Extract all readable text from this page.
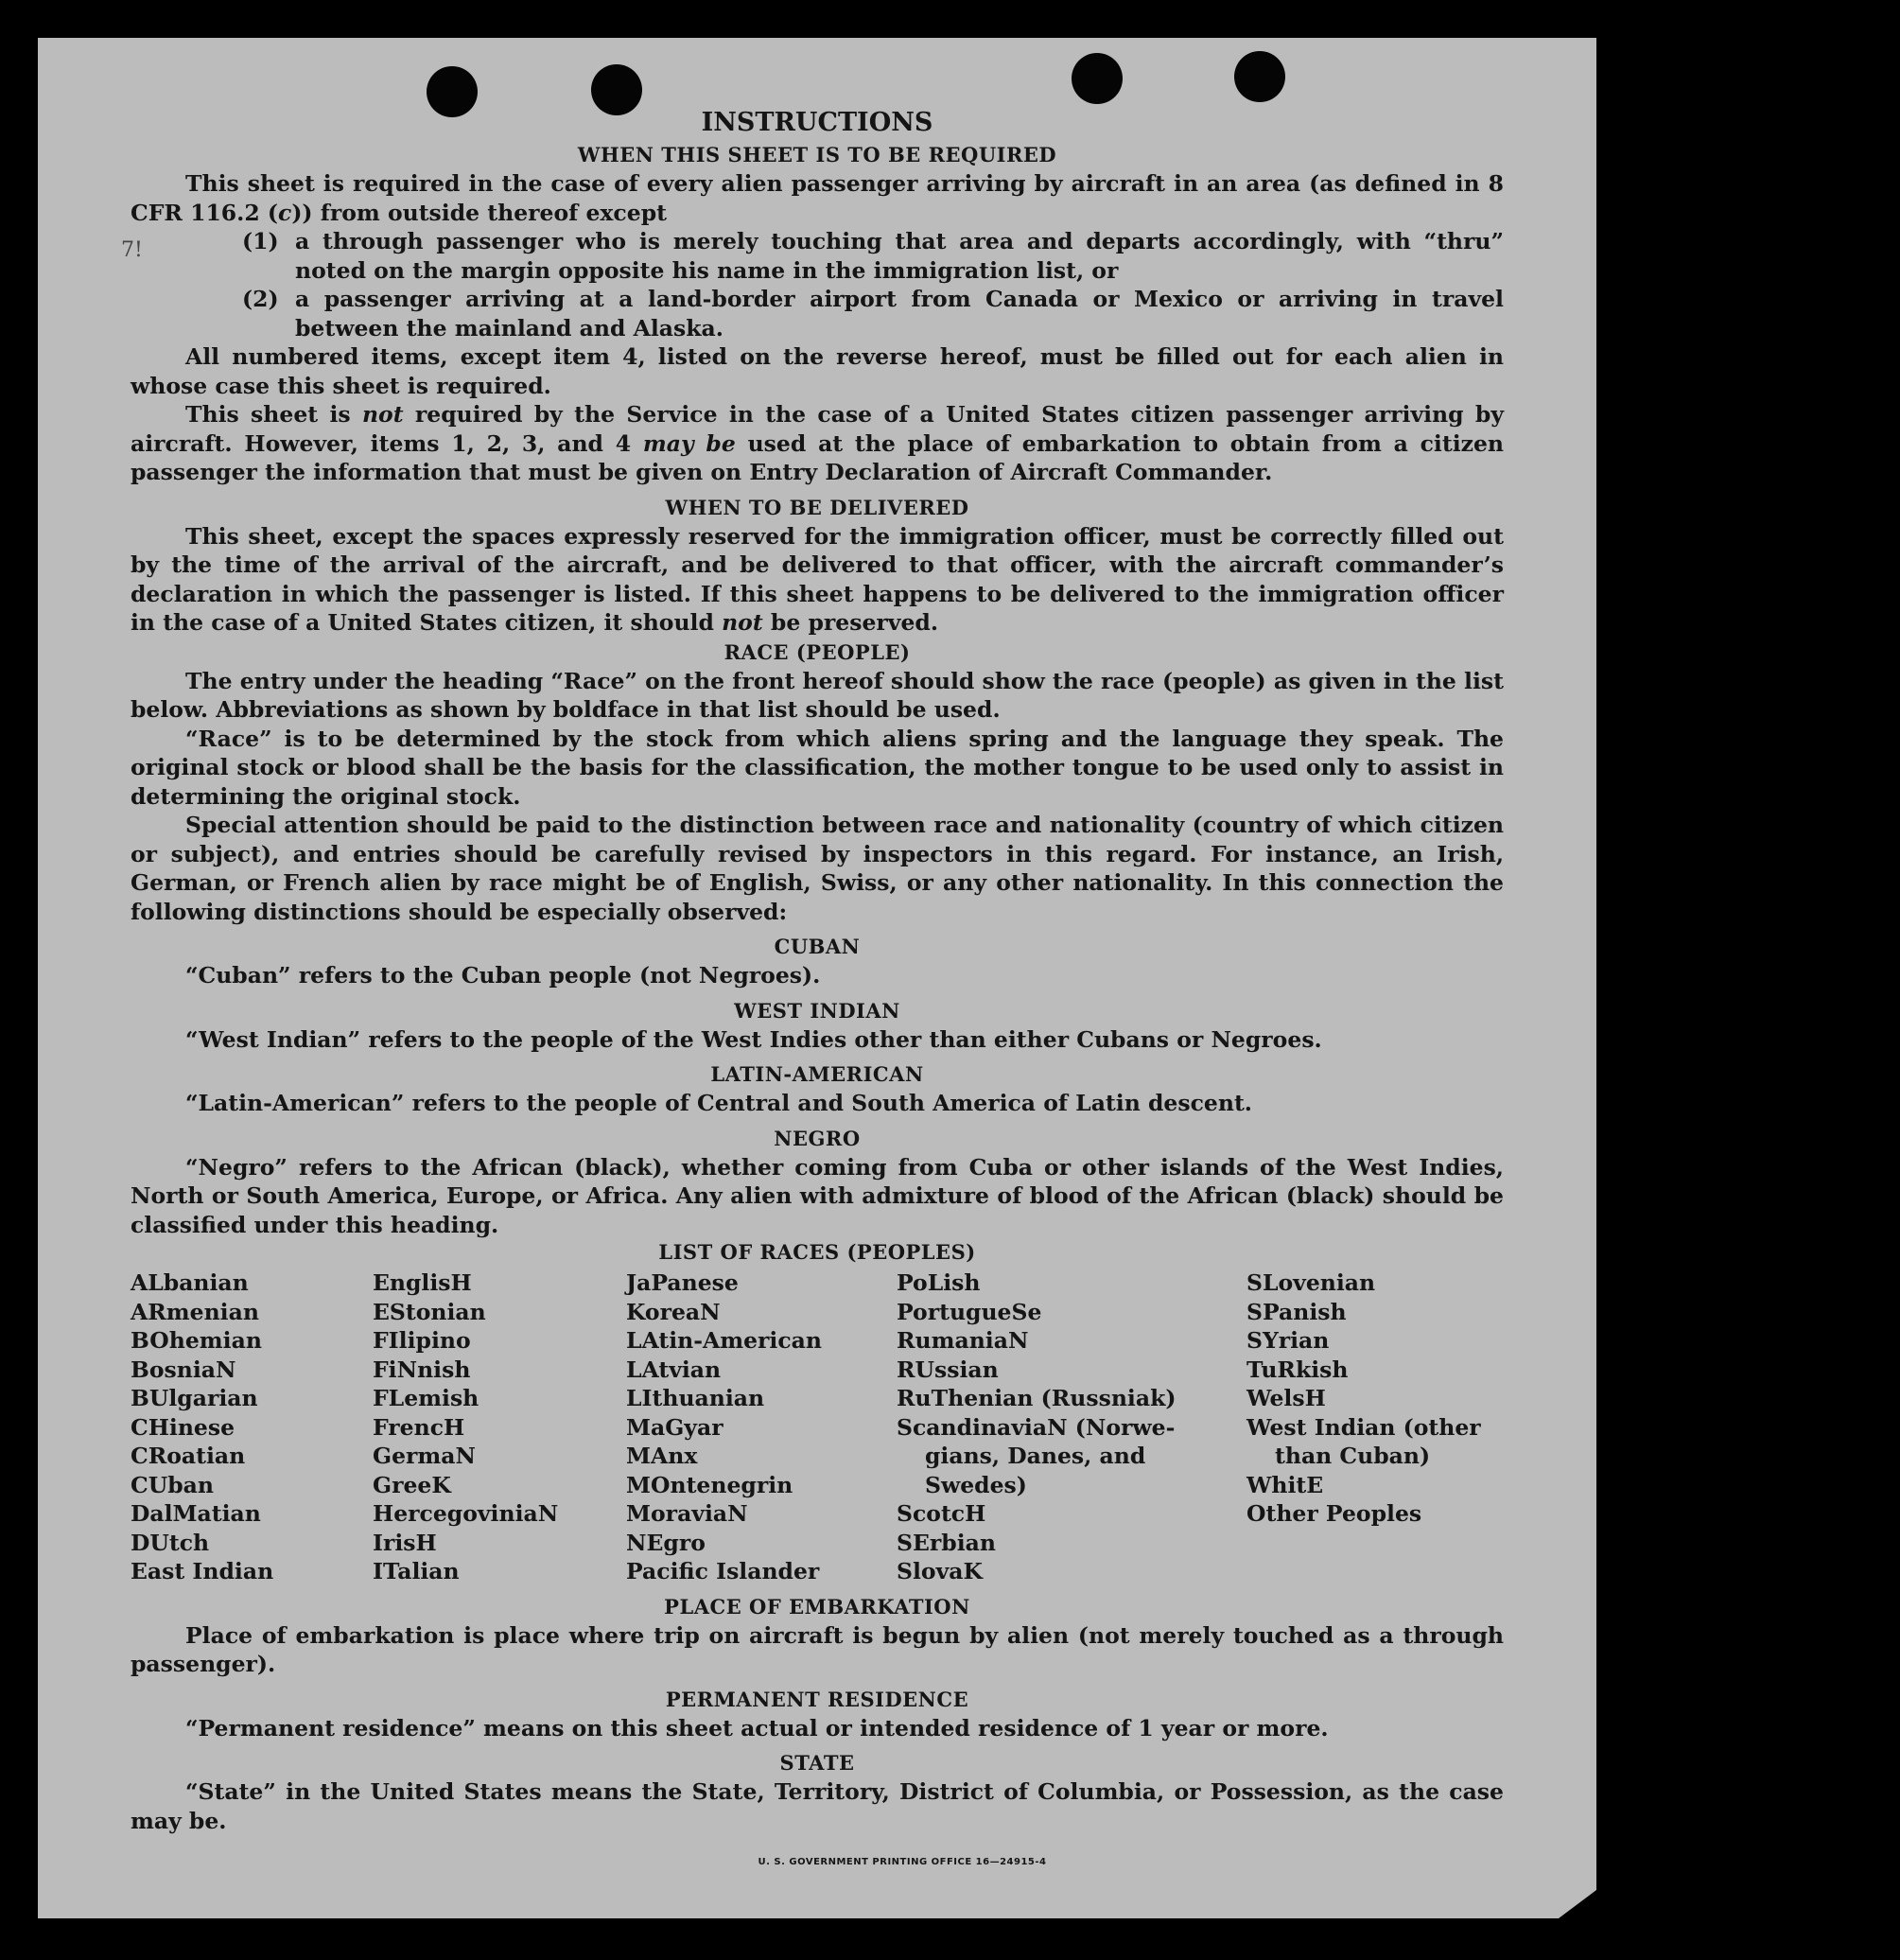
7!
INSTRUCTIONS
WHEN THIS SHEET IS TO BE REQUIRED

This sheet is required in the case of every alien passenger arriving by aircraft in an area (as defined in 8 CFR 116.2 (c)) from outside thereof except

(1) a through passenger who is merely touching that area and departs accordingly, with “thru” noted on the margin opposite his name in the immigration list, or
(2) a passenger arriving at a land-border airport from Canada or Mexico or arriving in travel between the mainland and Alaska.

All numbered items, except item 4, listed on the reverse hereof, must be filled out for each alien in whose case this sheet is required.

This sheet is not required by the Service in the case of a United States citizen passenger arriving by aircraft. However, items 1, 2, 3, and 4 may be used at the place of embarkation to obtain from a citizen passenger the information that must be given on Entry Declaration of Aircraft Commander.

WHEN TO BE DELIVERED

This sheet, except the spaces expressly reserved for the immigration officer, must be correctly filled out by the time of the arrival of the aircraft, and be delivered to that officer, with the aircraft commander’s declaration in which the passenger is listed. If this sheet happens to be delivered to the immigration officer in the case of a United States citizen, it should not be preserved.

RACE (PEOPLE)

The entry under the heading “Race” on the front hereof should show the race (people) as given in the list below. Abbreviations as shown by boldface in that list should be used.

“Race” is to be determined by the stock from which aliens spring and the language they speak. The original stock or blood shall be the basis for the classification, the mother tongue to be used only to assist in determining the original stock.

Special attention should be paid to the distinction between race and nationality (country of which citizen or subject), and entries should be carefully revised by inspectors in this regard. For instance, an Irish, German, or French alien by race might be of English, Swiss, or any other nationality. In this connection the following distinctions should be especially observed:

CUBAN

“Cuban” refers to the Cuban people (not Negroes).

WEST INDIAN

“West Indian” refers to the people of the West Indies other than either Cubans or Negroes.

LATIN-AMERICAN

“Latin-American” refers to the people of Central and South America of Latin descent.

NEGRO

“Negro” refers to the African (black), whether coming from Cuba or other islands of the West Indies, North or South America, Europe, or Africa. Any alien with admixture of blood of the African (black) should be classified under this heading.

LIST OF RACES (PEOPLES)
ALbanian
ARmenian
BOhemian
BosniaN
BUlgarian
CHinese
CRoatian
CUban
DalMatian
DUtch
East Indian
EnglisH
EStonian
FIlipino
FiNnish
FLemish
FrencH
GermaN
GreeK
HercegoviniaN
IrisH
ITalian
JaPanese
KoreaN
LAtin-American
LAtvian
LIthuanian
MaGyar
MAnx
MOntenegrin
MoraviaN
NEgro
Pacific Islander
PoLish
PortugueSe
RumaniaN
RUssian
RuThenian (Russniak)
ScandinaviaN (Norwe-
gians, Danes, and
Swedes)
ScotcH
SErbian
SlovaK
SLovenian
SPanish
SYrian
TuRkish
WelsH
West Indian (other
than Cuban)
WhitE
Other Peoples
PLACE OF EMBARKATION

Place of embarkation is place where trip on aircraft is begun by alien (not merely touched as a through passenger).

PERMANENT RESIDENCE

“Permanent residence” means on this sheet actual or intended residence of 1 year or more.

STATE

“State” in the United States means the State, Territory, District of Columbia, or Possession, as the case may be.

U. S. GOVERNMENT PRINTING OFFICE 16—24915-4
